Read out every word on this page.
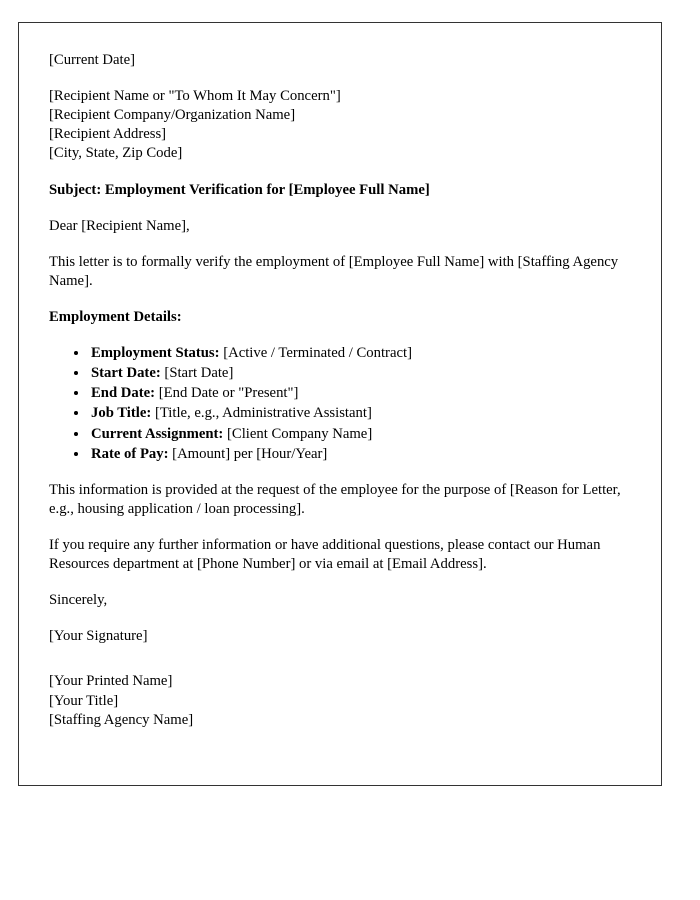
[Current Date]

[Recipient Name or "To Whom It May Concern"]

[Recipient Company/Organization Name]

[Recipient Address]

[City, State, Zip Code]

Subject: Employment Verification for [Employee Full Name]

Dear [Recipient Name],

This letter is to formally verify the employment of [Employee Full Name] with [Staffing Agency Name].

Employment Details:

• Employment Status: [Active / Terminated / Contract]
• Start Date: [Start Date]
• End Date: [End Date or "Present"]
• Job Title: [Title, e.g., Administrative Assistant]
• Current Assignment: [Client Company Name]
• Rate of Pay: [Amount] per [Hour/Year]

This information is provided at the request of the employee for the purpose of [Reason for Letter, e.g., housing application / loan processing].

If you require any further information or have additional questions, please contact our Human Resources department at [Phone Number] or via email at [Email Address].

Sincerely,

[Your Signature]

[Your Printed Name]

[Your Title]

[Staffing Agency Name]
